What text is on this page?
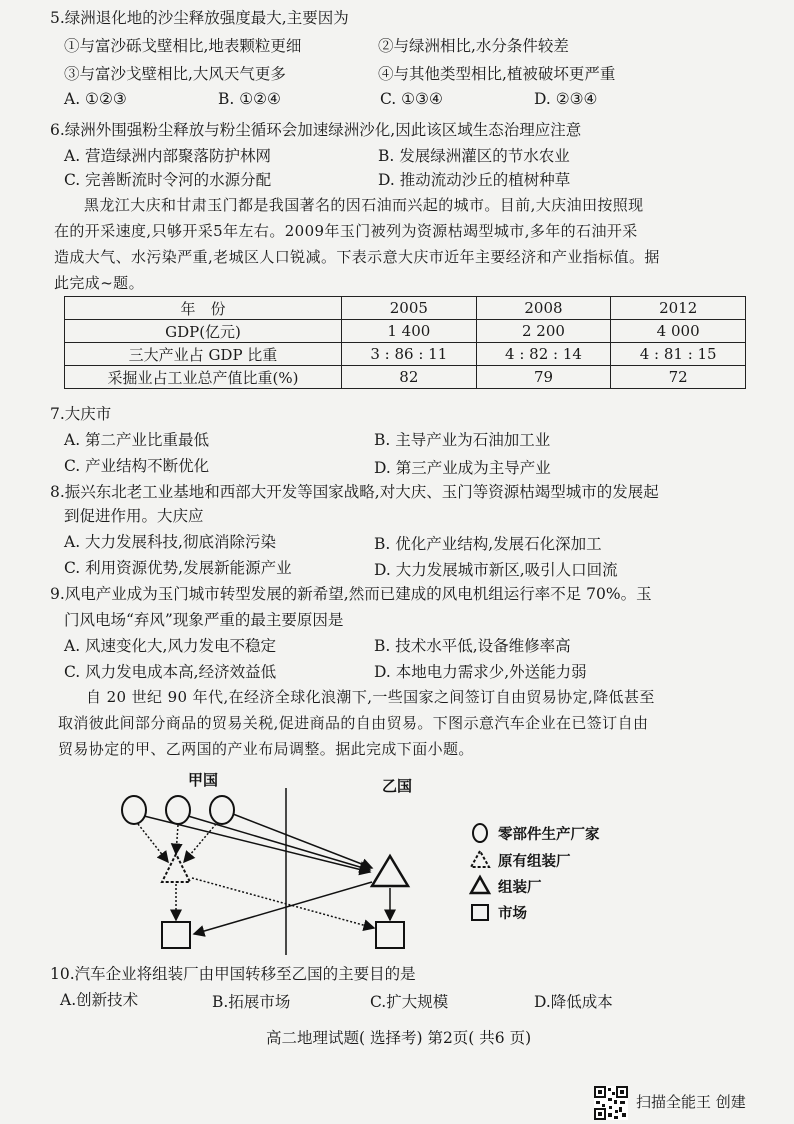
5.绿洲退化地的沙尘释放强度最大,主要因为
①与富沙砾戈壁相比,地表颗粒更细	②与绿洲相比,水分条件较差
③与富沙戈壁相比,大风天气更多	④与其他类型相比,植被破坏更严重
A. ①②③	B. ①②④	C. ①③④	D. ②③④
6.绿洲外围强粉尘释放与粉尘循环会加速绿洲沙化,因此该区域生态治理应注意
A. 营造绿洲内部聚落防护林网	B. 发展绿洲灌区的节水农业
C. 完善断流时令河的水源分配	D. 推动流动沙丘的植树种草
黑龙江大庆和甘肃玉门都是我国著名的因石油而兴起的城市。目前,大庆油田按照现
在的开采速度,只够开采5年左右。2009年玉门被列为资源枯竭型城市,多年的石油开采
造成大气、水污染严重,老城区人口锐减。下表示意大庆市近年主要经济和产业指标值。据
此完成~题。
年　份	2005	2008	2012
GDP(亿元)	1 400	2 200	4 000
三大产业占 GDP 比重	3 : 86 : 11	4 : 82 : 14	4 : 81 : 15
采掘业占工业总产值比重(%)	82	79	72
7.大庆市
A. 第二产业比重最低	B. 主导产业为石油加工业
C. 产业结构不断优化	D. 第三产业成为主导产业
8.振兴东北老工业基地和西部大开发等国家战略,对大庆、玉门等资源枯竭型城市的发展起
到促进作用。大庆应
A. 大力发展科技,彻底消除污染	B. 优化产业结构,发展石化深加工
C. 利用资源优势,发展新能源产业	D. 大力发展城市新区,吸引人口回流
9.风电产业成为玉门城市转型发展的新希望,然而已建成的风电机组运行率不足 70%。玉
门风电场“弃风”现象严重的最主要原因是
A. 风速变化大,风力发电不稳定	B. 技术水平低,设备维修率高
C. 风力发电成本高,经济效益低	D. 本地电力需求少,外送能力弱
自 20 世纪 90 年代,在经济全球化浪潮下,一些国家之间签订自由贸易协定,降低甚至
取消彼此间部分商品的贸易关税,促进商品的自由贸易。下图示意汽车企业在已签订自由
贸易协定的甲、乙两国的产业布局调整。据此完成下面小题。
甲国	乙国
零部件生产厂家
原有组装厂
组装厂
市场
10.汽车企业将组装厂由甲国转移至乙国的主要目的是
A.创新技术	B.拓展市场	C.扩大规模	D.降低成本
高二地理试题( 选择考) 第2页( 共6 页)
扫描全能王 创建
